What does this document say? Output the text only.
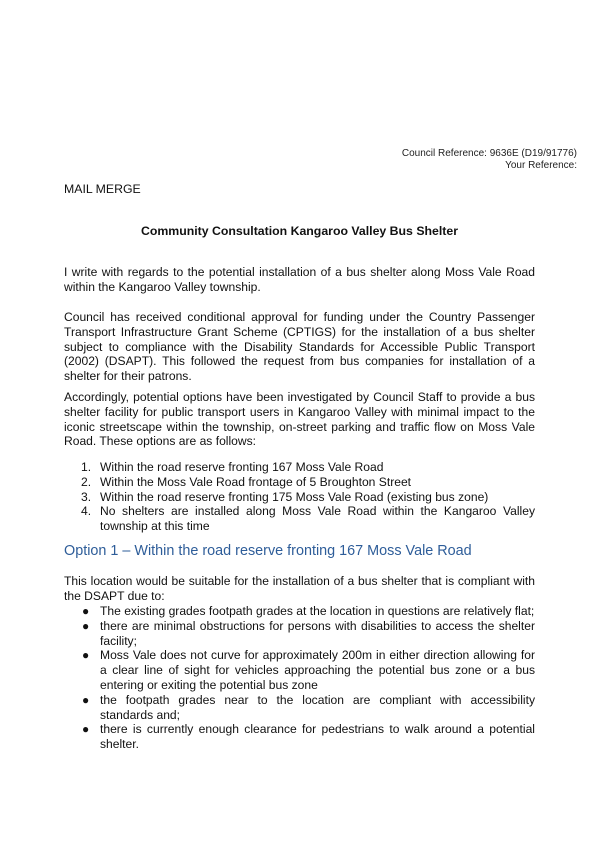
Council Reference: 9636E (D19/91776)
Your Reference:
MAIL MERGE
Community Consultation Kangaroo Valley Bus Shelter
I write with regards to the potential installation of a bus shelter along Moss Vale Road
within the Kangaroo Valley township.
Council has received conditional approval for funding under the Country Passenger
Transport Infrastructure Grant Scheme (CPTIGS) for the installation of a bus shelter
subject to compliance with the Disability Standards for Accessible Public Transport
(2002) (DSAPT). This followed the request from bus companies for installation of a
shelter for their patrons.
Accordingly, potential options have been investigated by Council Staff to provide a bus
shelter facility for public transport users in Kangaroo Valley with minimal impact to the
iconic streetscape within the township, on-street parking and traffic flow on Moss Vale
Road. These options are as follows:
1. Within the road reserve fronting 167 Moss Vale Road
2. Within the Moss Vale Road frontage of 5 Broughton Street
3. Within the road reserve fronting 175 Moss Vale Road (existing bus zone)
4. No shelters are installed along Moss Vale Road within the Kangaroo Valley
township at this time
Option 1 – Within the road reserve fronting 167 Moss Vale Road
This location would be suitable for the installation of a bus shelter that is compliant with
the DSAPT due to:
● The existing grades footpath grades at the location in questions are relatively flat;
● there are minimal obstructions for persons with disabilities to access the shelter
facility;
● Moss Vale does not curve for approximately 200m in either direction allowing for
a clear line of sight for vehicles approaching the potential bus zone or a bus
entering or exiting the potential bus zone
● the footpath grades near to the location are compliant with accessibility
standards and;
● there is currently enough clearance for pedestrians to walk around a potential
shelter.
